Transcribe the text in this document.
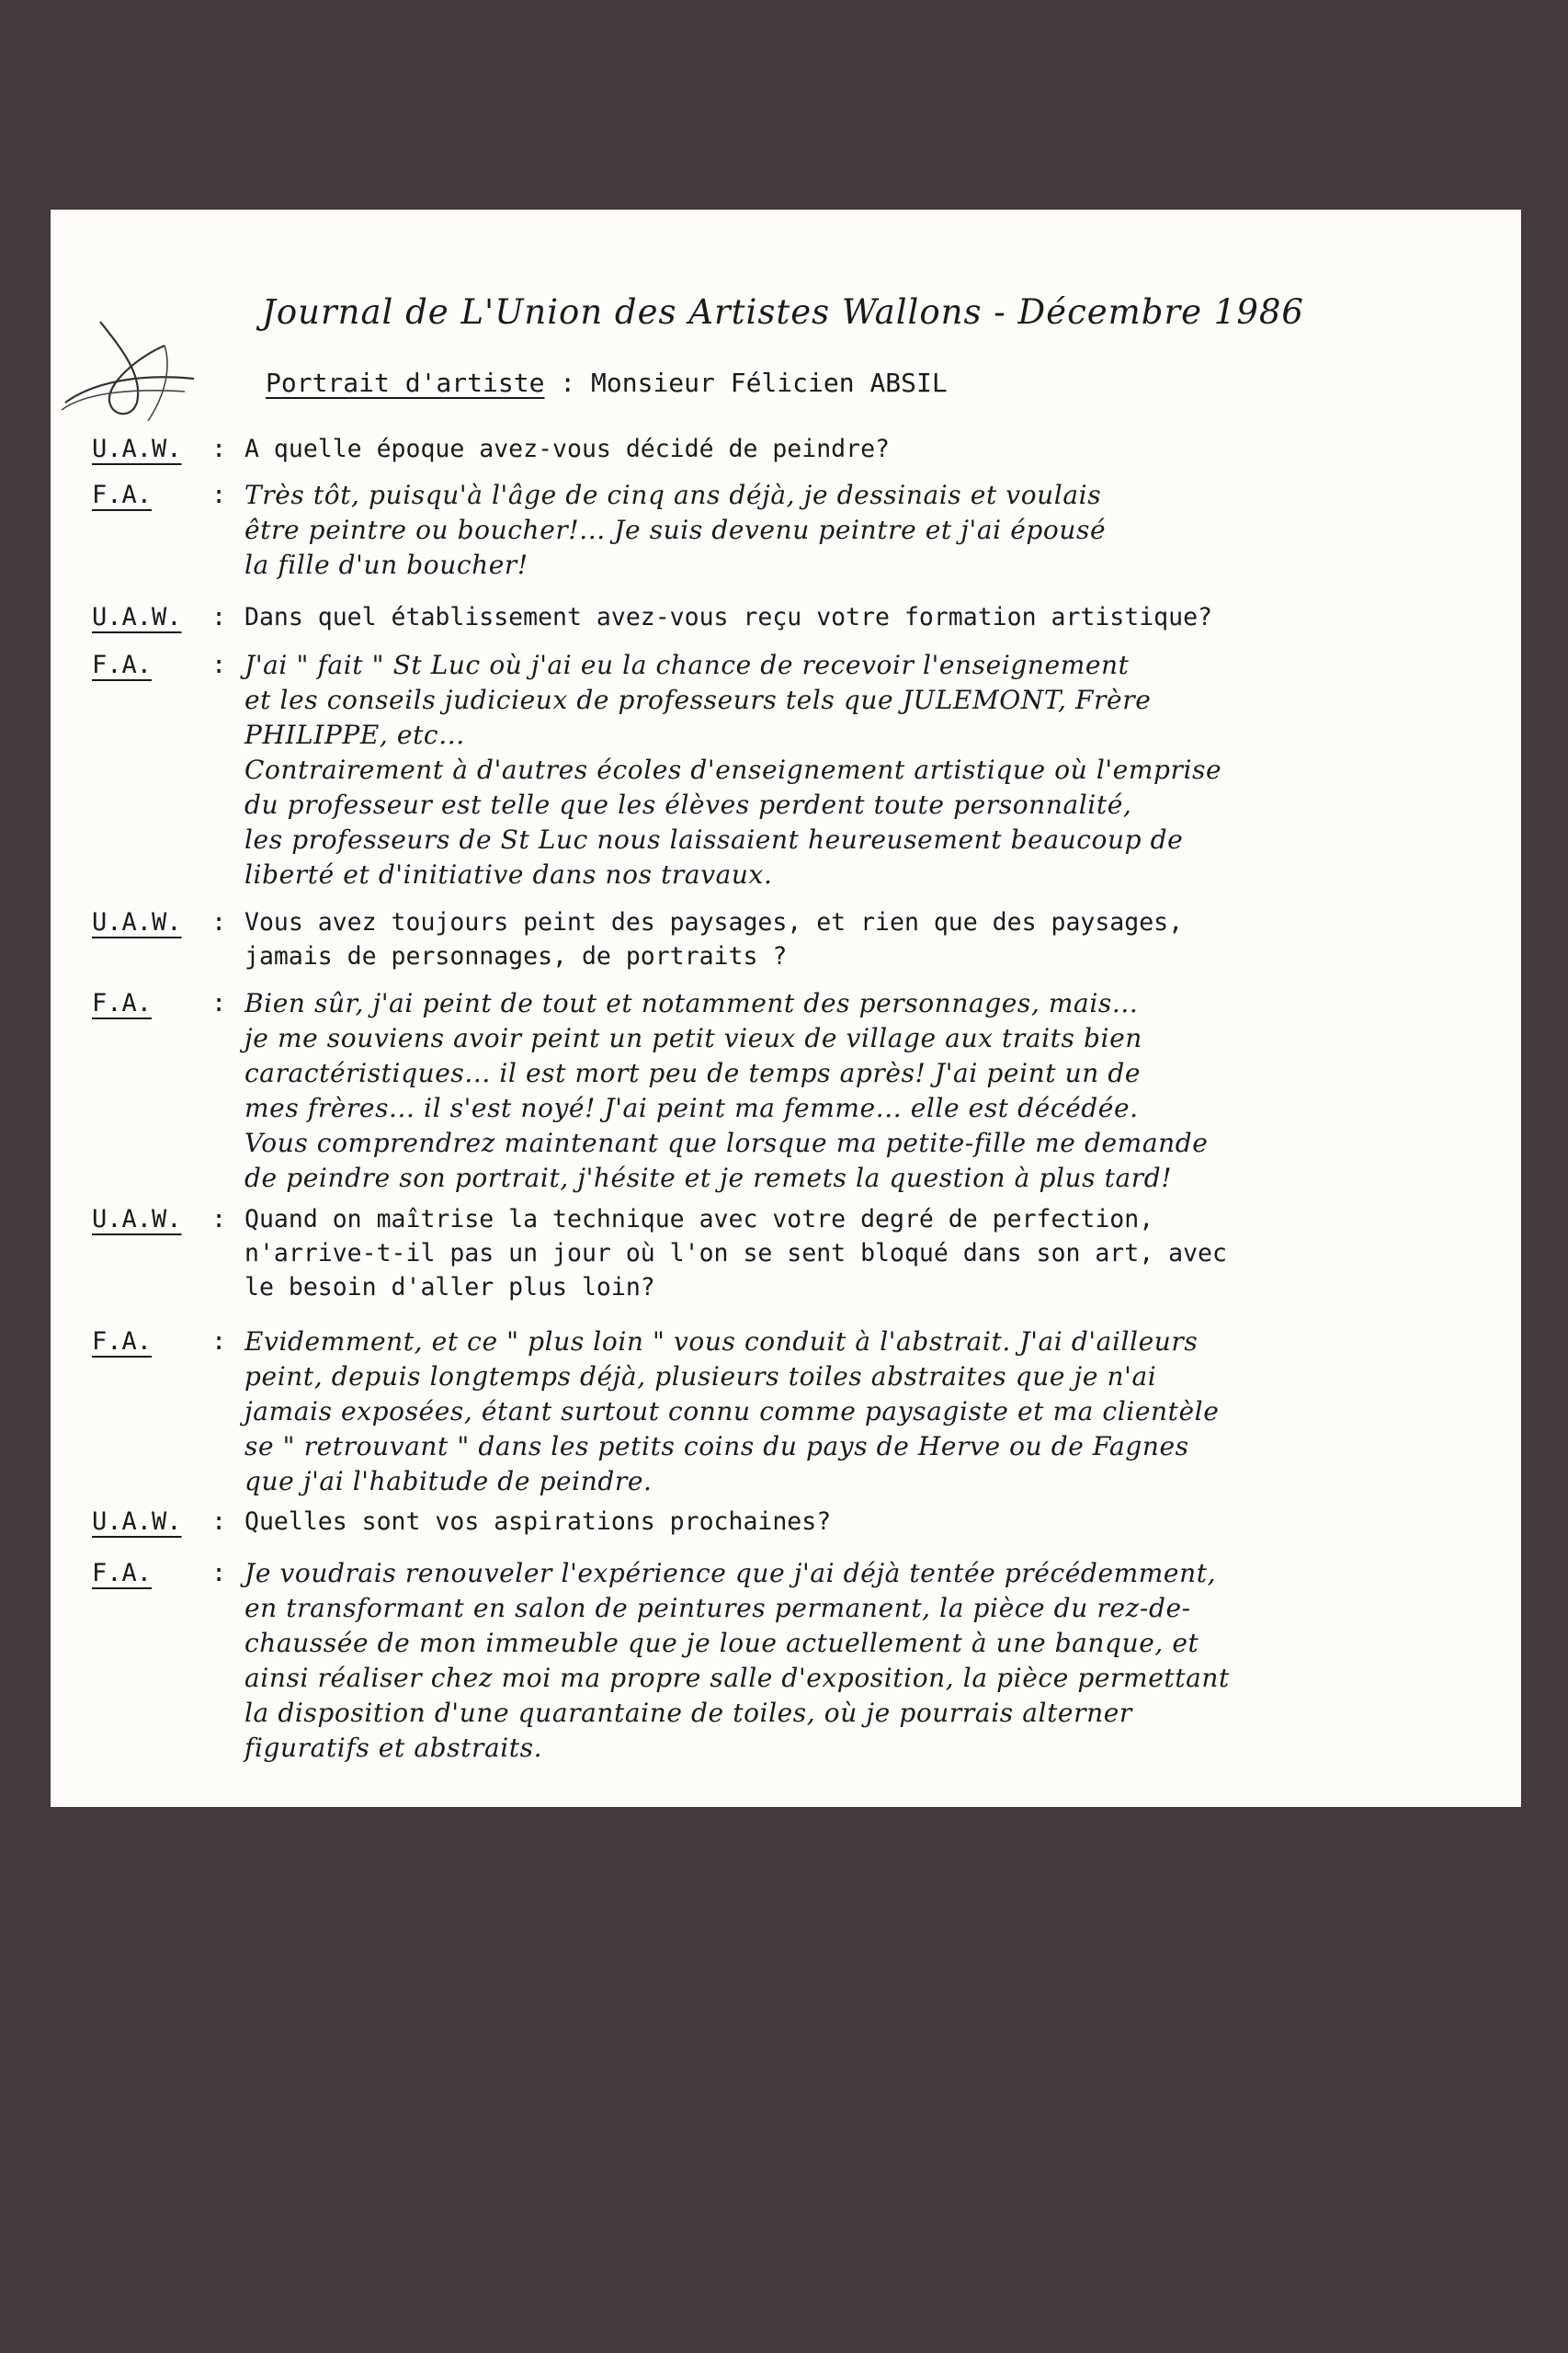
Journal de L'Union des Artistes Wallons - Décembre 1986
Portrait d'artiste : Monsieur Félicien ABSIL
U.A.W. : A quelle époque avez-vous décidé de peindre?
F.A. : Très tôt, puisqu'à l'âge de cinq ans déjà, je dessinais et voulais
être peintre ou boucher!... Je suis devenu peintre et j'ai épousé
la fille d'un boucher!
U.A.W. : Dans quel établissement avez-vous reçu votre formation artistique?
F.A. : J'ai " fait " St Luc où j'ai eu la chance de recevoir l'enseignement
et les conseils judicieux de professeurs tels que JULEMONT, Frère
PHILIPPE, etc...
Contrairement à d'autres écoles d'enseignement artistique où l'emprise
du professeur est telle que les élèves perdent toute personnalité,
les professeurs de St Luc nous laissaient heureusement beaucoup de
liberté et d'initiative dans nos travaux.
U.A.W. : Vous avez toujours peint des paysages, et rien que des paysages,
jamais de personnages, de portraits ?
F.A. : Bien sûr, j'ai peint de tout et notamment des personnages, mais...
je me souviens avoir peint un petit vieux de village aux traits bien
caractéristiques... il est mort peu de temps après! J'ai peint un de
mes frères... il s'est noyé! J'ai peint ma femme... elle est décédée.
Vous comprendrez maintenant que lorsque ma petite-fille me demande
de peindre son portrait, j'hésite et je remets la question à plus tard!
U.A.W. : Quand on maîtrise la technique avec votre degré de perfection,
n'arrive-t-il pas un jour où l'on se sent bloqué dans son art, avec
le besoin d'aller plus loin?
F.A. : Evidemment, et ce " plus loin " vous conduit à l'abstrait. J'ai d'ailleurs
peint, depuis longtemps déjà, plusieurs toiles abstraites que je n'ai
jamais exposées, étant surtout connu comme paysagiste et ma clientèle
se " retrouvant " dans les petits coins du pays de Herve ou de Fagnes
que j'ai l'habitude de peindre.
U.A.W. : Quelles sont vos aspirations prochaines?
F.A. : Je voudrais renouveler l'expérience que j'ai déjà tentée précédemment,
en transformant en salon de peintures permanent, la pièce du rez-de-
chaussée de mon immeuble que je loue actuellement à une banque, et
ainsi réaliser chez moi ma propre salle d'exposition, la pièce permettant
la disposition d'une quarantaine de toiles, où je pourrais alterner
figuratifs et abstraits.
